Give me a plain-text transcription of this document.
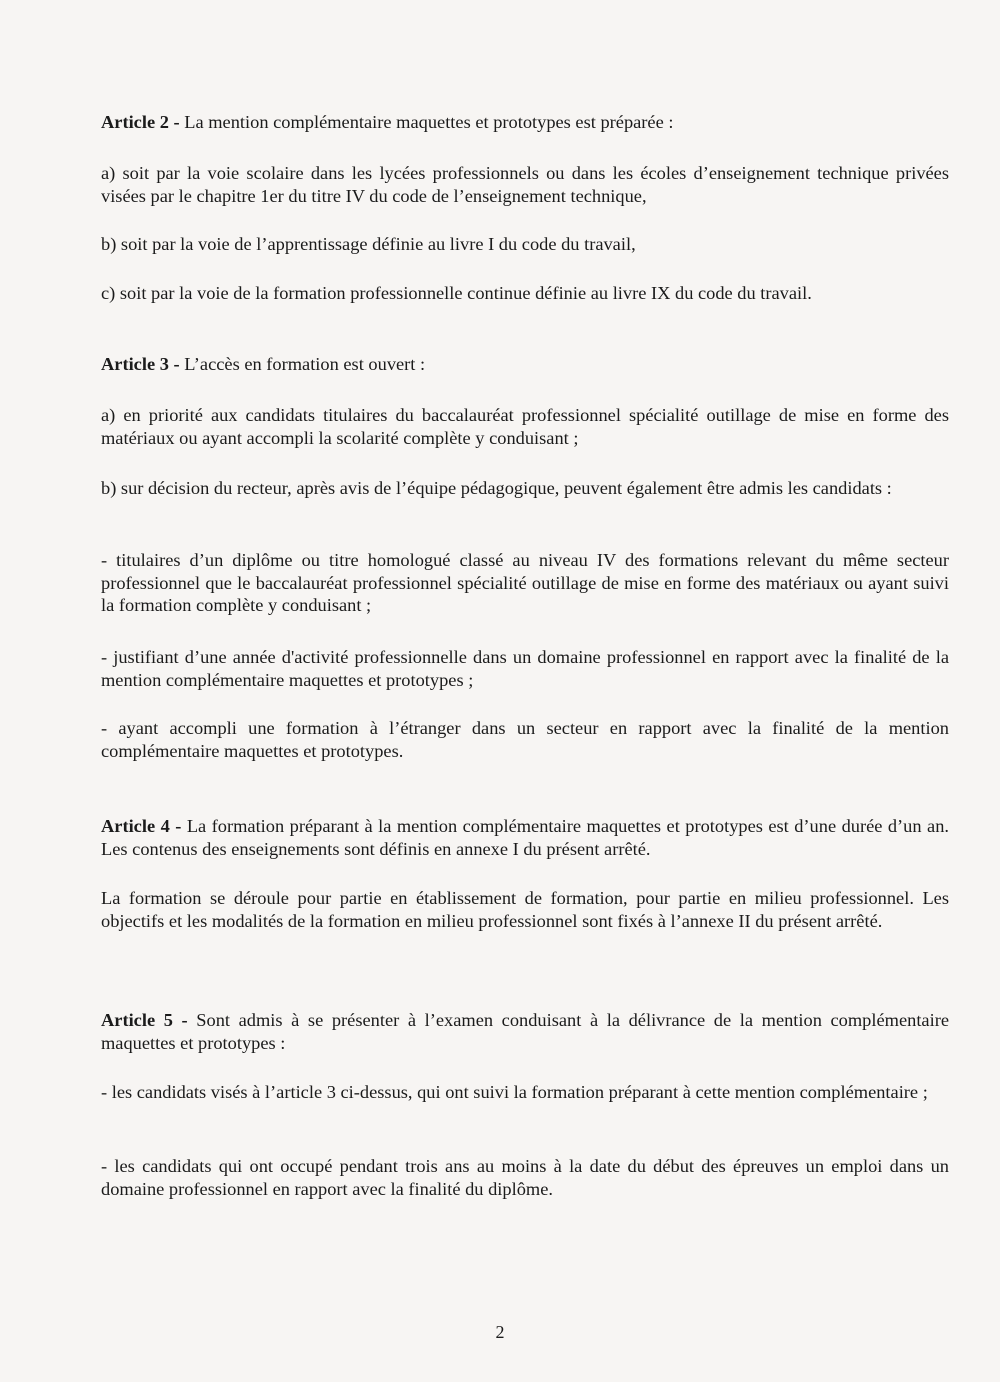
Article 2 - La mention complémentaire maquettes et prototypes est préparée :

a) soit par la voie scolaire dans les lycées professionnels ou dans les écoles d’enseignement technique privées visées par le chapitre 1er du titre IV du code de l’enseignement technique,

b) soit par la voie de l’apprentissage définie au livre I du code du travail,

c) soit par la voie de la formation professionnelle continue définie au livre IX du code du travail.

Article 3 - L’accès en formation est ouvert :

a) en priorité aux candidats titulaires du baccalauréat professionnel spécialité outillage de mise en forme des matériaux ou ayant accompli la scolarité complète y conduisant ;

b) sur décision du recteur, après avis de l’équipe pédagogique, peuvent également être admis les candidats :

- titulaires d’un diplôme ou titre homologué classé au niveau IV des formations relevant du même secteur professionnel que le baccalauréat professionnel spécialité outillage de mise en forme des matériaux ou ayant suivi la formation complète y conduisant ;

- justifiant d’une année d'activité professionnelle dans un domaine professionnel en rapport avec la finalité de la mention complémentaire maquettes et prototypes ;

- ayant accompli une formation à l’étranger dans un secteur en rapport avec la finalité de la mention complémentaire maquettes et prototypes.

Article 4 - La formation préparant à la mention complémentaire maquettes et prototypes est d’une durée d’un an. Les contenus des enseignements sont définis en annexe I du présent arrêté.

La formation se déroule pour partie en établissement de formation, pour partie en milieu professionnel. Les objectifs et les modalités de la formation en milieu professionnel sont fixés à l’annexe II du présent arrêté.

Article 5 - Sont admis à se présenter à l’examen conduisant à la délivrance de la mention complémentaire maquettes et prototypes :

- les candidats visés à l’article 3 ci-dessus, qui ont suivi la formation préparant à cette mention complémentaire ;

- les candidats qui ont occupé pendant trois ans au moins à la date du début des épreuves un emploi dans un domaine professionnel en rapport avec la finalité du diplôme.

2
